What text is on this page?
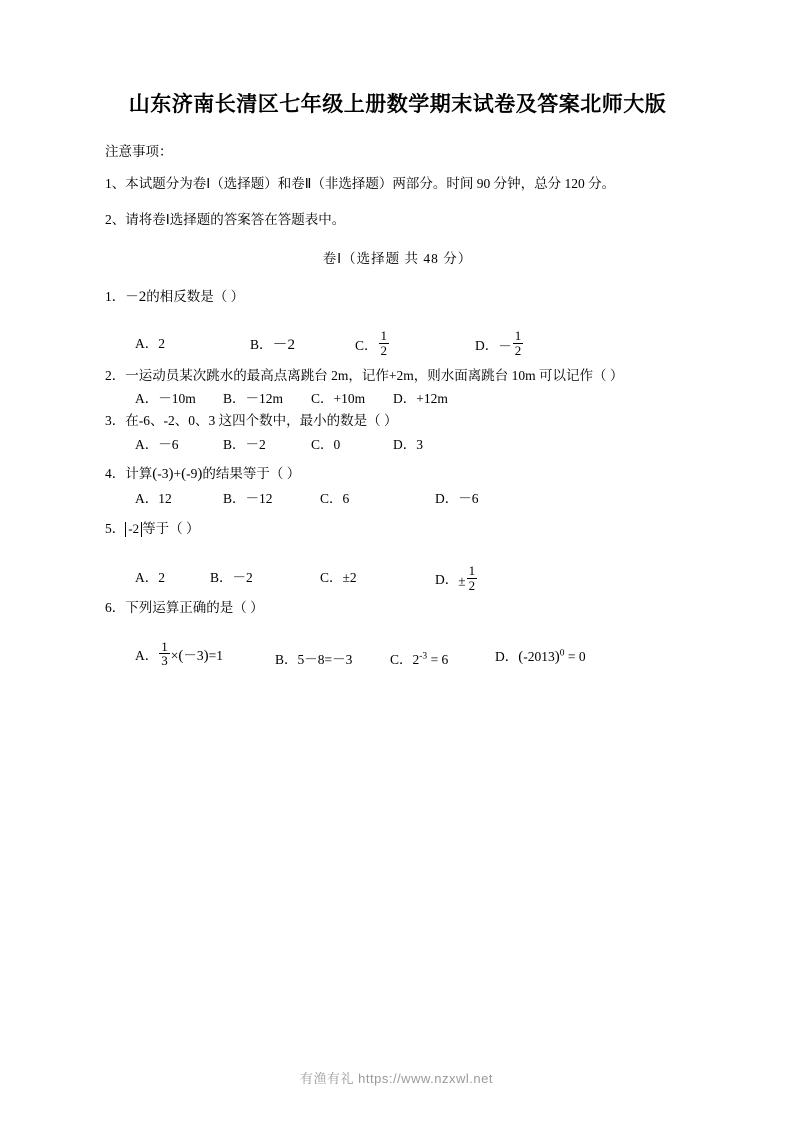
山东济南长清区七年级上册数学期末试卷及答案北师大版

注意事项：

1、本试题分为卷Ⅰ（选择题）和卷Ⅱ（非选择题）两部分。时间 90 分钟，总分 120 分。

2、请将卷Ⅰ选择题的答案答在答题表中。

卷Ⅰ（选择题 共 48 分）

1．－2的相反数是（ ）
A．2	B．－2	C． $\frac{1}{2}$	D．－ $\frac{1}{2}$
2．一运动员某次跳水的最高点离跳台 2m，记作+2m，则水面离跳台 10m 可以记作（ ）
A．－10m B．－12m C．+10m D．+12m
3．在-6、-2、0、3 这四个数中，最小的数是（ ）
A．－6	B．－2	C．0	D．3
4．计算(-3)+(-9)的结果等于（ ）
A．12	B．－12	C．6	D．－6
5． -2 等于（ ）
A．2	B．－2	C．±2	D．± $\frac{1}{2}$
6．下列运算正确的是（ ）
A． $\frac{1}{3} \times(-3)=1$	B．5－8=－3	C．$2^{-3} = 6$	D．$(-2013)^0 = 0$
有渔有礼 https://www.nzxwl.net
